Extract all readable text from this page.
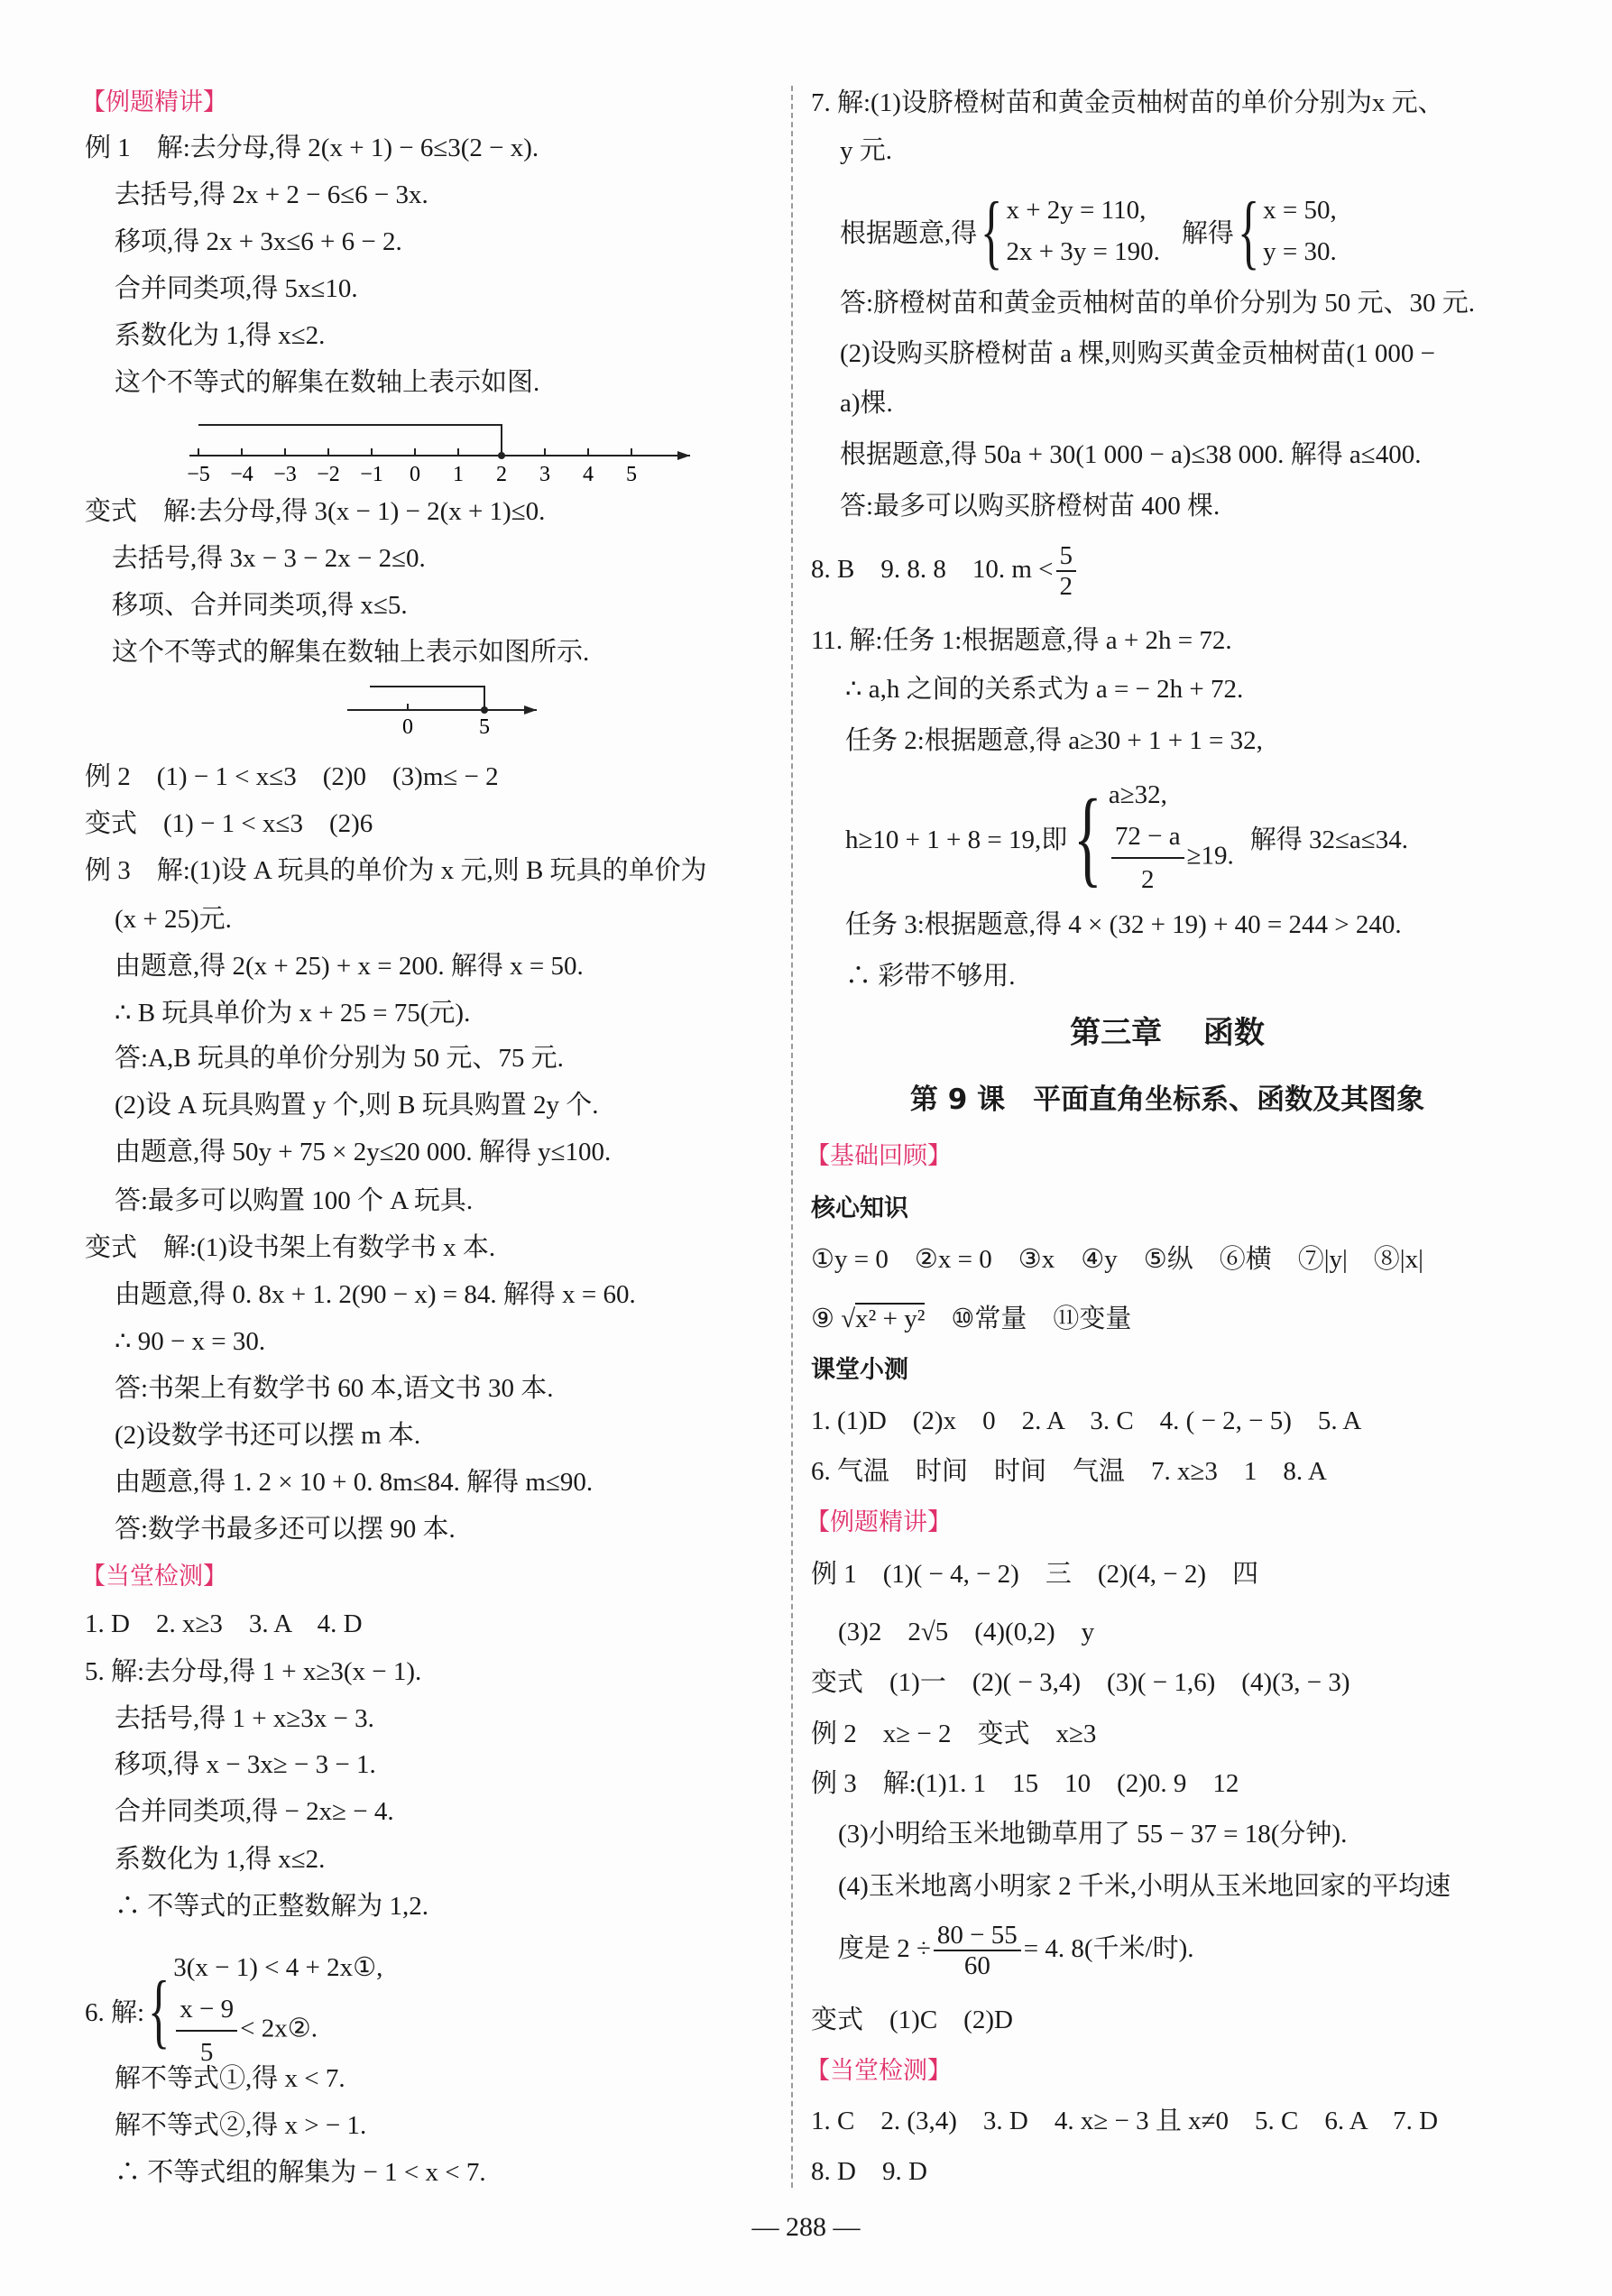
【例题精讲】
例 1　解:去分母,得 2(x + 1) − 6≤3(2 − x).
去括号,得 2x + 2 − 6≤6 − 3x.
移项,得 2x + 3x≤6 + 6 − 2.
合并同类项,得 5x≤10.
系数化为 1,得 x≤2.
这个不等式的解集在数轴上表示如图.
−5 −4 −3 −2 −1 0 1 2 3 4 5
变式　解:去分母,得 3(x − 1) − 2(x + 1)≤0.
去括号,得 3x − 3 − 2x − 2≤0.
移项、合并同类项,得 x≤5.
这个不等式的解集在数轴上表示如图所示.
0	5
例 2　(1) − 1 < x≤3　(2)0　(3)m≤ − 2
变式　(1) − 1 < x≤3　(2)6
例 3　解:(1)设 A 玩具的单价为 x 元,则 B 玩具的单价为
(x + 25)元.
由题意,得 2(x + 25) + x = 200. 解得 x = 50.
∴ B 玩具单价为 x + 25 = 75(元).
答:A,B 玩具的单价分别为 50 元、75 元.
(2)设 A 玩具购置 y 个,则 B 玩具购置 2y 个.
由题意,得 50y + 75 × 2y≤20 000. 解得 y≤100.
答:最多可以购置 100 个 A 玩具.
变式　解:(1)设书架上有数学书 x 本.
由题意,得 0. 8x + 1. 2(90 − x) = 84. 解得 x = 60.
∴ 90 − x = 30.
答:书架上有数学书 60 本,语文书 30 本.
(2)设数学书还可以摆 m 本.
由题意,得 1. 2 × 10 + 0. 8m≤84. 解得 m≤90.
答:数学书最多还可以摆 90 本.
【当堂检测】
1. D　2. x≥3　3. A　4. D
5. 解:去分母,得 1 + x≥3(x − 1).
去括号,得 1 + x≥3x − 3.
移项,得 x − 3x≥ − 3 − 1.
合并同类项,得 − 2x≥ − 4.
系数化为 1,得 x≤2.
∴ 不等式的正整数解为 1,2.
6. 解: { 3(x − 1) < 4 + 2x①,
$\frac{x - 9}{5}$ < 2x②.
解不等式①,得 x < 7.
解不等式②,得 x > − 1.
∴ 不等式组的解集为 − 1 < x < 7.
7. 解:(1)设脐橙树苗和黄金贡柚树苗的单价分别为x 元、
y 元.
根据题意,得 { x + 2y = 110,
2x + 3y = 190.
解得 { x = 50,
y = 30.
答:脐橙树苗和黄金贡柚树苗的单价分别为 50 元、30 元.
(2)设购买脐橙树苗 a 棵,则购买黄金贡柚树苗(1 000 −
a)棵.
根据题意,得 50a + 30(1 000 − a)≤38 000. 解得 a≤400.
答:最多可以购买脐橙树苗 400 棵.
8. B　9. 8. 8　10. $m < \frac{5}{2}$
11. 解:任务 1:根据题意,得 a + 2h = 72.
∴ a,h 之间的关系式为 a = − 2h + 72.
任务 2:根据题意,得 a≥30 + 1 + 1 = 32,
h≥10 + 1 + 8 = 19,即 { a≥32,
$\frac{72 - a}{2} \ge 19$.
解得 32≤a≤34.
任务 3:根据题意,得 4 × (32 + 19) + 40 = 244 > 240.
∴ 彩带不够用.
第三章　 函数
第 9 课　平面直角坐标系、函数及其图象
【基础回顾】
核心知识
①y = 0　②x = 0　③x　④y　⑤纵　⑥横　⑦|y|　⑧|x|
⑨ √x² + y²　⑩常量　⑪变量
课堂小测
1. (1)D　(2)x　0　2. A　3. C　4. ( − 2, − 5)　5. A
6. 气温　时间　时间　气温　7. x≥3　1　8. A
【例题精讲】
例 1　(1)( − 4, − 2)　三　(2)(4, − 2)　四
(3)2　2√5　(4)(0,2)　y
变式　(1)一　(2)( − 3,4)　(3)( − 1,6)　(4)(3, − 3)
例 2　x≥ − 2　变式　x≥3
例 3　解:(1)1. 1　15　10　(2)0. 9　12
(3)小明给玉米地锄草用了 55 − 37 = 18(分钟).
(4)玉米地离小明家 2 千米,小明从玉米地回家的平均速
度是 $2 \div \frac{80 - 55}{60} = 4$. 8(千米/时).
变式　(1)C　(2)D
【当堂检测】
1. C　2. (3,4)　3. D　4. x≥ − 3 且 x≠0　5. C　6. A　7. D
8. D　9. D
— 288 —
